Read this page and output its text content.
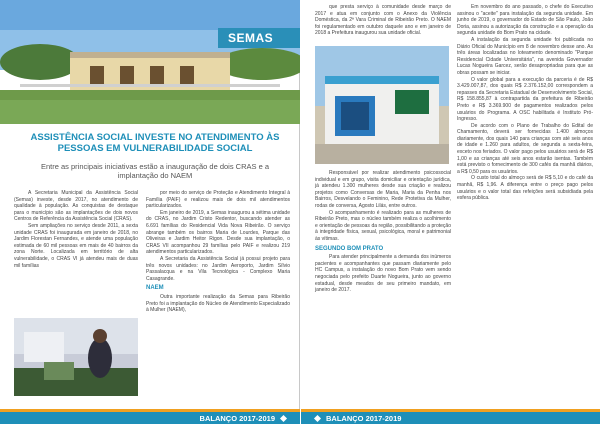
SEMAS
ASSISTÊNCIA SOCIAL INVESTE NO ATENDIMENTO ÀS PESSOAS EM VULNERABILIDADE SOCIAL
Entre as principais iniciativas estão a inauguração de dois CRAS e a implantação do NAEM

A Secretaria Municipal da Assistência Social (Semas) investe, desde 2017, no atendimento de qualidade à população. As conquistas de destaque para o município são as implantações de dois novos Centros de Referência da Assistência Social (CRAS).

Sem ampliações no serviço desde 2011, a sexta unidade CRAS foi inaugurada em janeiro de 2018, no Jardim Florestan Fernandes, e atende uma população estimada de 60 mil pessoas em mais de 40 bairros da zona Norte. Localizada em território de alta vulnerabilidade, o CRAS VI já atendeu mais de duas mil famílias

por meio do serviço de Proteção e Atendimento Integral à Família (PAIF) e realizou mais de dois mil atendimentos particularizados.

Em janeiro de 2019, a Semas inaugurou a sétima unidade do CRAS, no Jardim Cristo Redentor, buscando atender as 6.691 famílias do Residencial Vida Nova Ribeirão. O serviço abrange também os bairros Maria de Lourdes, Parque das Oliveiras e Jardim Heitor Rigon. Desde sua implantação, o CRAS VII acompanhou 29 famílias pelo PAIF e realizou 219 atendimentos particularizados.

A Secretaria da Assistência Social já possui projeto para três novos unidades: no Jardim Aeroporto, Jardim Sílvio Passalacqua e na Vila Tecnológica - Complexo Maria Casagrande.

NAEM

Outra importante realização da Semas para Ribeirão Preto foi a implantação do Núcleo de Atendimento Especializado à Mulher (NAEM),

BALANÇO 2017-2019

que presta serviço à comunidade desde março de 2017 e atua em conjunto com o Anexo da Violência Doméstica, da 2ª Vara Criminal de Ribeirão Preto. O NAEM foi regulamentado em outubro daquele ano e em janeiro de 2018 a Prefeitura inaugurou sua unidade oficial.

Responsável por realizar atendimento psicossocial individual e em grupo, visita domiciliar e orientação jurídica, já atendeu 1.300 mulheres desde sua criação e realizou projetos como Conversas de Maria, Maria da Penha nos Bairros, Desvelando o Feminino, Rede Protetiva da Mulher, rodas de conversa, Agosto Lilás, entre outros.

O acompanhamento é realizado para as mulheres de Ribeirão Preto, mas o núcleo também realiza o acolhimento e orientação de pessoas da região, possibilitando a proteção à integridade física, sexual, psicológica, moral e patrimonial às vítimas.

SEGUNDO BOM PRATO

Para atender principalmente a demanda dos inúmeros pacientes e acompanhantes que passam diariamente pelo HC Campus, a instalação do novo Bom Prato vem sendo negociada pelo prefeito Duarte Nogueira, junto ao governo estadual, desde meados de seu primeiro mandato, em janeiro de 2017.

Em novembro do ano passado, o chefe do Executivo assinou o "aceite" para instalação da segunda unidade. Em junho de 2019, o governador do Estado de São Paulo, João Doria, assinou a autorização da construção e a operação da segunda unidade do Bom Prato na cidade.

A instalação da segunda unidade foi publicada no Diário Oficial do Município em 8 de novembro desse ano. As três áreas localizadas no loteamento denominado "Parque Residencial Cidade Universitária", na avenida Governador Lucas Nogueira Garcez, serão desapropriadas para que as obras possam se iniciar.

O valor global para a execução da parceria é de R$ 3.429.007,87, dos quais R$ 2.376.152,00 correspondem a repasses da Secretaria Estadual de Desenvolvimento Social, R$ 158.855,87 à contrapartida da prefeitura de Ribeirão Preto e R$ 3.369.900 de pagamentos realizados pelos usuários do Programa. A OSC habilitada é Instituto Pró-Ingresso.

De acordo com o Plano de Trabalho do Edital de Chamamento, deverá ser fornecidas 1.400 almoços diariamente, dos quais 140 para crianças com até seis anos de idade e 1.260 para adultos, de segunda a sexta-feira, exceto nos feriados. O valor pago pelos usuários será de R$ 1,00 e as crianças até seis anos estarão isentas. Também está previsto o fornecimento de 300 cafés da manhã diários, a R$ 0,50 para os usuários.

O custo total do almoço será de R$ 5,10 e do café da manhã, R$ 1,96. A diferença entre o preço pago pelos usuários e o valor total das refeições será subsidiada pela esfera pública.

BALANÇO 2017-2019
